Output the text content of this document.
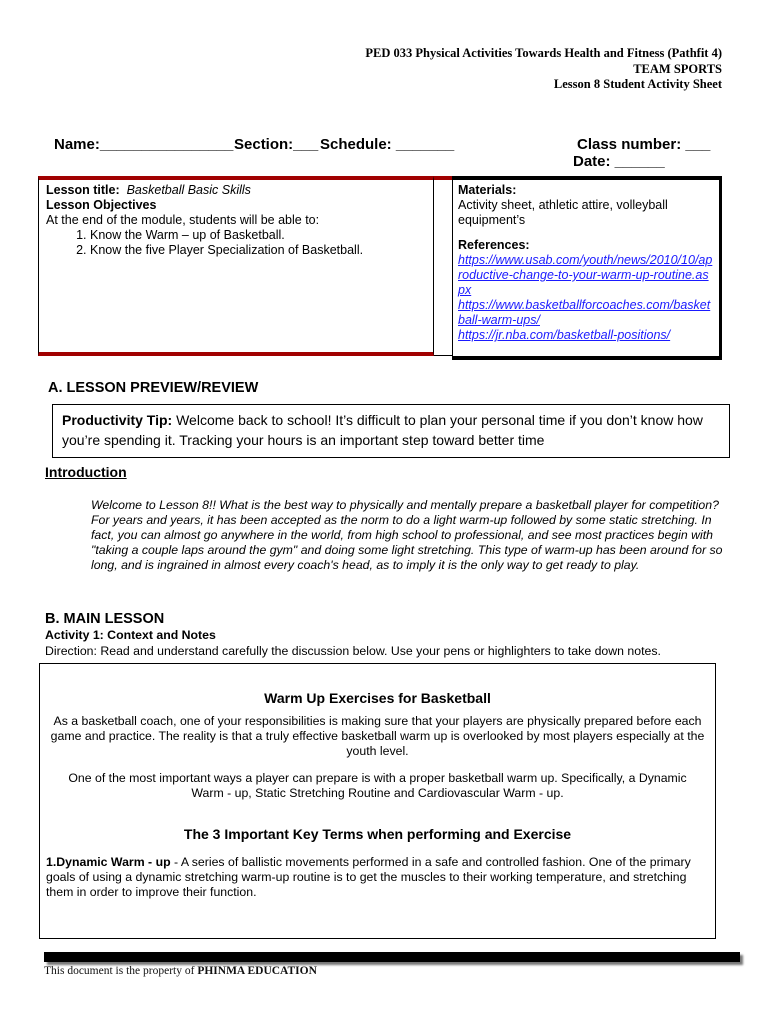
PED 033 Physical Activities Towards Health and Fitness (Pathfit 4)
TEAM SPORTS
Lesson 8 Student Activity Sheet
Name:________________ Section:___ Schedule: _______	Class number: ___
Date: ______
Lesson title: Basketball Basic Skills
Lesson Objectives
At the end of the module, students will be able to:
1. Know the Warm – up of Basketball.
2. Know the five Player Specialization of Basketball.
Materials:
Activity sheet, athletic attire, volleyball equipment’s
References:
https://www.usab.com/youth/news/2010/10/aproductive-change-to-your-warm-up-routine.aspx
https://www.basketballforcoaches.com/basketball-warm-ups/
https://jr.nba.com/basketball-positions/
A. LESSON PREVIEW/REVIEW
Productivity Tip: Welcome back to school! It’s difficult to plan your personal time if you don’t know how you’re spending it. Tracking your hours is an important step toward better time
Introduction
Welcome to Lesson 8!! What is the best way to physically and mentally prepare a basketball player for competition? For years and years, it has been accepted as the norm to do a light warm-up followed by some static stretching. In fact, you can almost go anywhere in the world, from high school to professional, and see most practices begin with "taking a couple laps around the gym" and doing some light stretching. This type of warm-up has been around for so long, and is ingrained in almost every coach's head, as to imply it is the only way to get ready to play.
B. MAIN LESSON
Activity 1: Context and Notes
Direction: Read and understand carefully the discussion below. Use your pens or highlighters to take down notes.
Warm Up Exercises for Basketball

As a basketball coach, one of your responsibilities is making sure that your players are physically prepared before each game and practice. The reality is that a truly effective basketball warm up is overlooked by most players especially at the youth level.

One of the most important ways a player can prepare is with a proper basketball warm up. Specifically, a Dynamic Warm - up, Static Stretching Routine and Cardiovascular Warm - up.

The 3 Important Key Terms when performing and Exercise

1.Dynamic Warm - up - A series of ballistic movements performed in a safe and controlled fashion. One of the primary goals of using a dynamic stretching warm-up routine is to get the muscles to their working temperature, and stretching them in order to improve their function.

This document is the property of PHINMA EDUCATION
